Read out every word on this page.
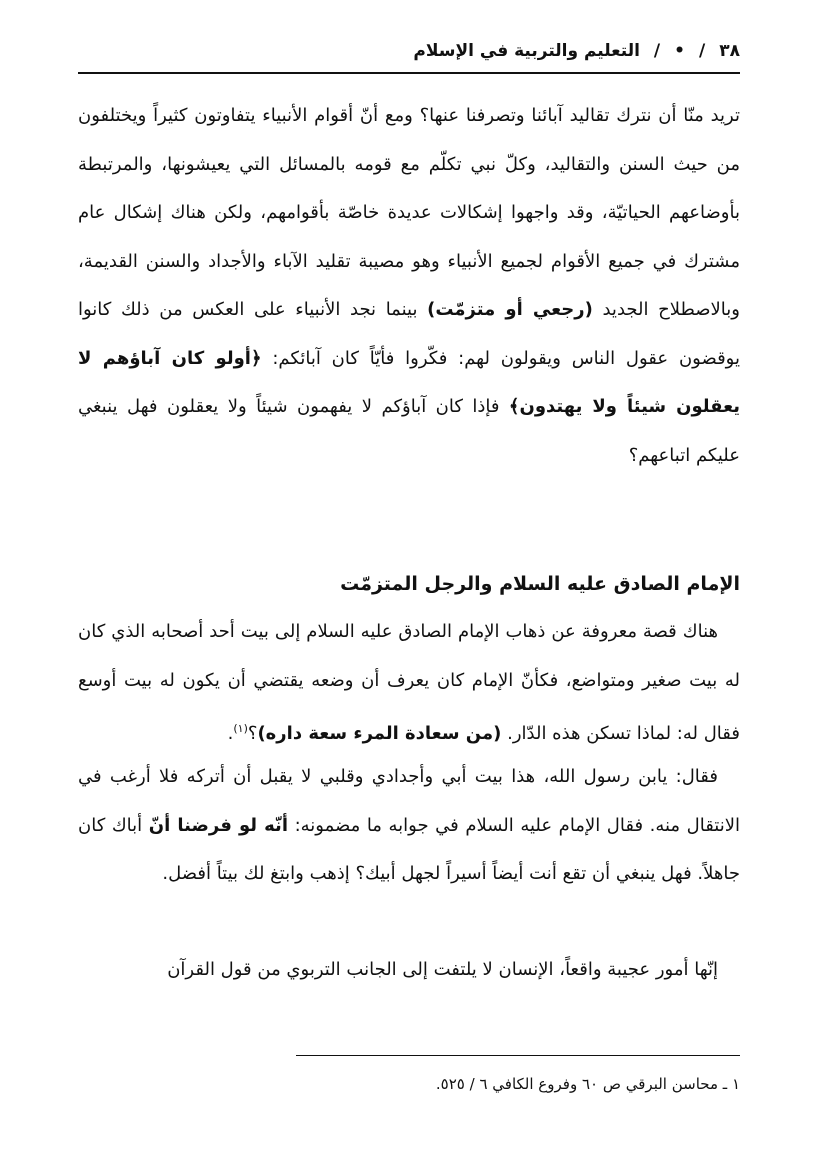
٣٨
/
•
/
التعليم والتربية في الإسلام

تريد منّا أن نترك تقاليد آبائنا وتصرفنا عنها؟ ومع أنّ أقوام الأنبياء يتفاوتون كثيراً ويختلفون من حيث السنن والتقاليد، وكلّ نبي تكلّم مع قومه بالمسائل التي يعيشونها، والمرتبطة بأوضاعهم الحياتيّة، وقد واجهوا إشكالات عديدة خاصّة بأقوامهم، ولكن هناك إشكال عام مشترك في جميع الأقوام لجميع الأنبياء وهو مصيبة تقليد الآباء والأجداد والسنن القديمة، وبالاصطلاح الجديد (رجعي أو متزمّت) بينما نجد الأنبياء على العكس من ذلك كانوا يوقضون عقول الناس ويقولون لهم: فكّروا فأيّاً كان آبائكم: ﴿أولو كان آباؤهم لا يعقلون شيئاً ولا يهتدون﴾ فإذا كان آباؤكم لا يفهمون شيئاً ولا يعقلون فهل ينبغي عليكم اتباعهم؟

الإمام الصادق عليه السلام والرجل المتزمّت

هناك قصة معروفة عن ذهاب الإمام الصادق عليه السلام إلى بيت أحد أصحابه الذي كان له بيت صغير ومتواضع، فكأنّ الإمام كان يعرف أن وضعه يقتضي أن يكون له بيت أوسع فقال له: لماذا تسكن هذه الدّار. (من سعادة المرء سعة داره)؟$^{(١)}$.

فقال: يابن رسول الله، هذا بيت أبي وأجدادي وقلبي لا يقبل أن أتركه فلا أرغب في الانتقال منه. فقال الإمام عليه السلام في جوابه ما مضمونه: أنّه لو فرضنا أنّ أباك كان جاهلاً. فهل ينبغي أن تقع أنت أيضاً أسيراً لجهل أبيك؟ إذهب وابتغ لك بيتاً أفضل.

إنّها أمور عجيبة واقعاً، الإنسان لا يلتفت إلى الجانب التربوي من قول القرآن

١ ـ محاسن البرقي ص ٦٠ وفروع الكافي ٦ / ٥٢٥.
